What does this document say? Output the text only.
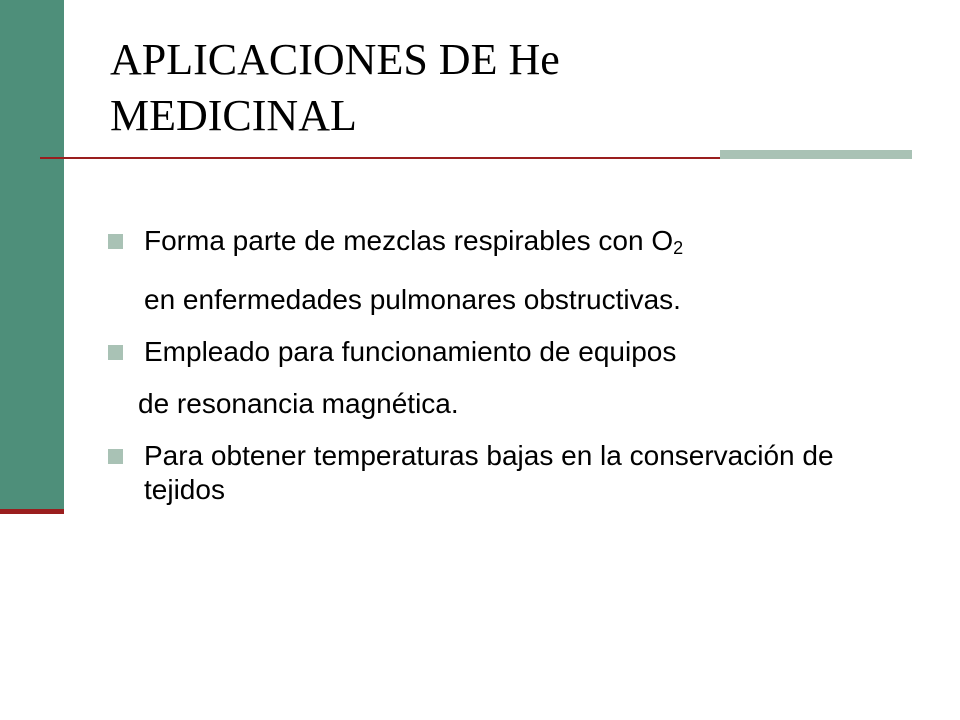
APLICACIONES DE He
MEDICINAL
Forma parte de mezclas respirables con $O_2$
en enfermedades pulmonares obstructivas.
Empleado para funcionamiento de equipos
de resonancia magnética.
Para obtener temperaturas bajas en la conservación de tejidos
